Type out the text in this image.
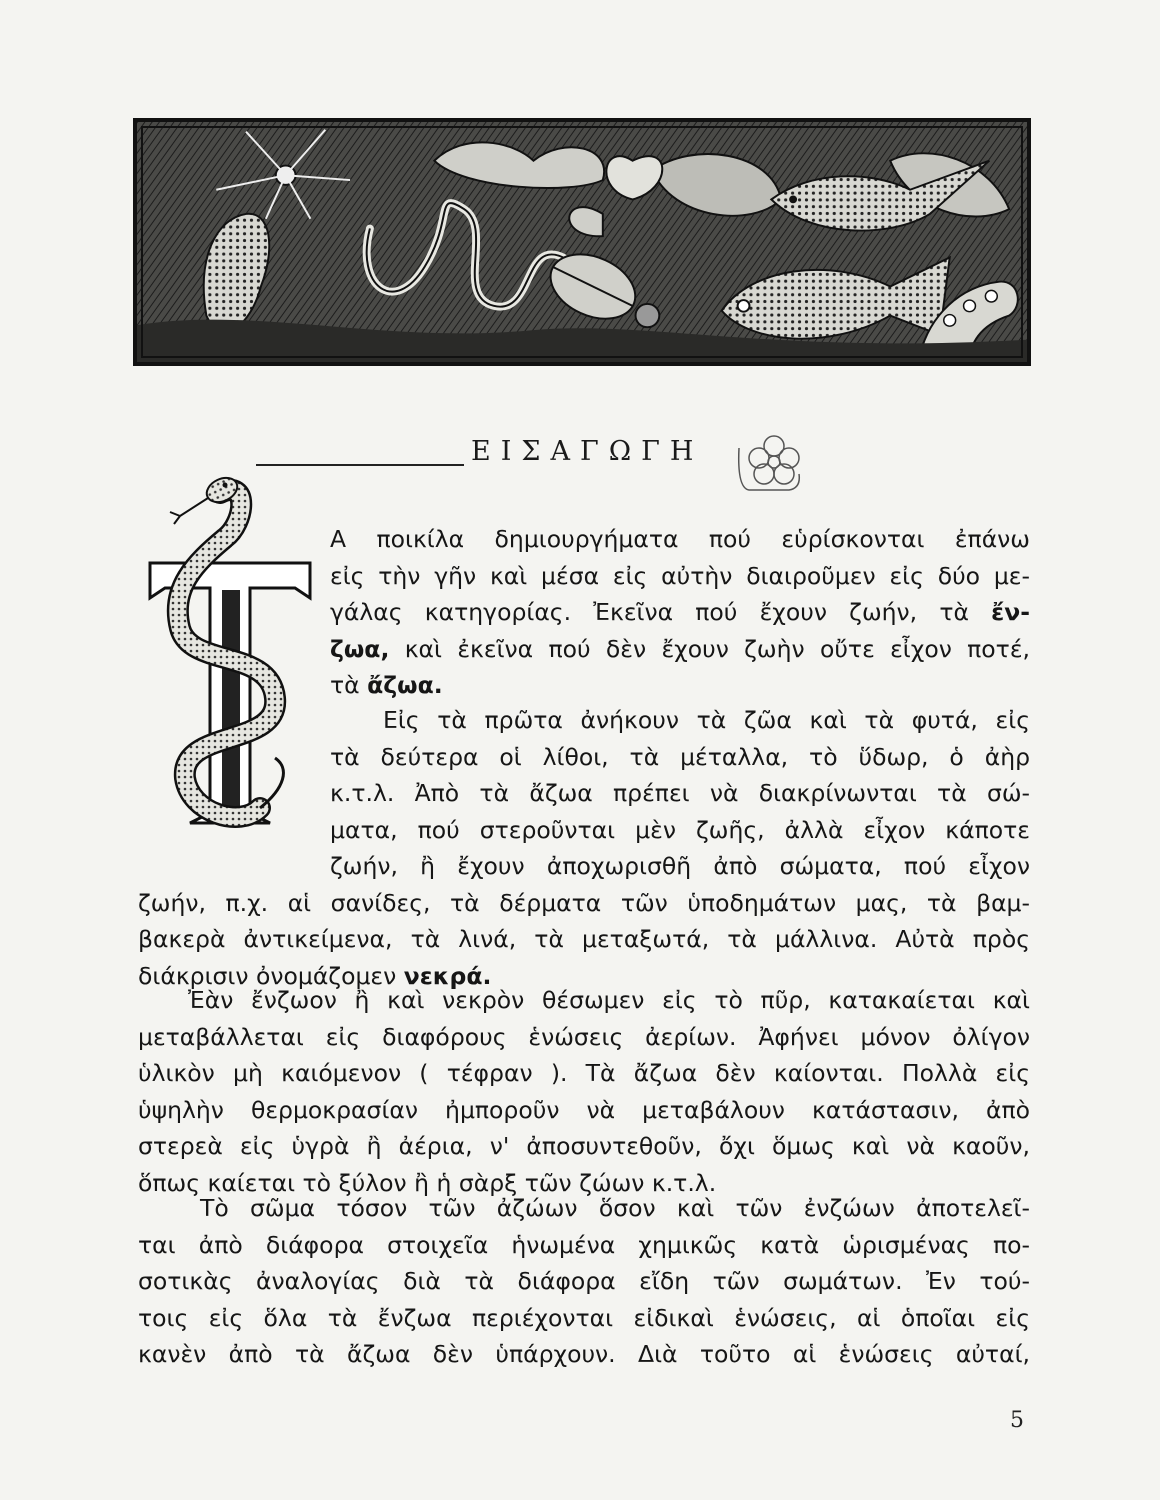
ΕΙΣΑΓΩΓΗ
Τ
Α ποικίλα δημιουργήματα πού εὑρίσκονται ἐπάνω
εἰς τὴν γῆν καὶ μέσα εἰς αὐτὴν διαιροῦμεν εἰς δύο με-
γάλας κατηγορίας. Ἐκεῖνα πού ἔχουν ζωήν, τὰ ἔν-
ζωα, καὶ ἐκεῖνα πού δὲν ἔχουν ζωὴν οὔτε εἶχον ποτέ,
τὰ ἄζωα.
Εἰς τὰ πρῶτα ἀνήκουν τὰ ζῶα καὶ τὰ φυτά, εἰς
τὰ δεύτερα οἱ λίθοι, τὰ μέταλλα, τὸ ὕδωρ, ὁ ἀὴρ
κ.τ.λ. Ἀπὸ τὰ ἄζωα πρέπει νὰ διακρίνωνται τὰ σώ-
ματα, πού στεροῦνται μὲν ζωῆς, ἀλλὰ εἶχον κάποτε
ζωήν, ἢ ἔχουν ἀποχωρισθῆ ἀπὸ σώματα, πού εἶχον
ζωήν, π.χ. αἱ σανίδες, τὰ δέρματα τῶν ὑποδημάτων μας, τὰ βαμ-
βακερὰ ἀντικείμενα, τὰ λινά, τὰ μεταξωτά, τὰ μάλλινα. Αὐτὰ πρὸς
διάκρισιν ὀνομάζομεν νεκρά.
Ἐὰν ἔνζωον ἢ καὶ νεκρὸν θέσωμεν εἰς τὸ πῦρ, κατακαίεται καὶ
μεταβάλλεται εἰς διαφόρους ἑνώσεις ἀερίων. Ἀφήνει μόνον ὀλίγον
ὑλικὸν μὴ καιόμενον ( τέφραν ). Τὰ ἄζωα δὲν καίονται. Πολλὰ εἰς
ὑψηλὴν θερμοκρασίαν ἠμποροῦν νὰ μεταβάλουν κατάστασιν, ἀπὸ
στερεὰ εἰς ὑγρὰ ἢ ἀέρια, ν' ἀποσυντεθοῦν, ὄχι ὅμως καὶ νὰ καοῦν,
ὅπως καίεται τὸ ξύλον ἢ ἡ σὰρξ τῶν ζώων κ.τ.λ.
Τὸ σῶμα τόσον τῶν ἀζώων ὅσον καὶ τῶν ἐνζώων ἀποτελεῖ-
ται ἀπὸ διάφορα στοιχεῖα ἡνωμένα χημικῶς κατὰ ὡρισμένας πο-
σοτικὰς ἀναλογίας διὰ τὰ διάφορα εἴδη τῶν σωμάτων. Ἐν τού-
τοις εἰς ὅλα τὰ ἔνζωα περιέχονται εἰδικαὶ ἑνώσεις, αἱ ὁποῖαι εἰς
κανὲν ἀπὸ τὰ ἄζωα δὲν ὑπάρχουν. Διὰ τοῦτο αἱ ἑνώσεις αὐταί,
5
